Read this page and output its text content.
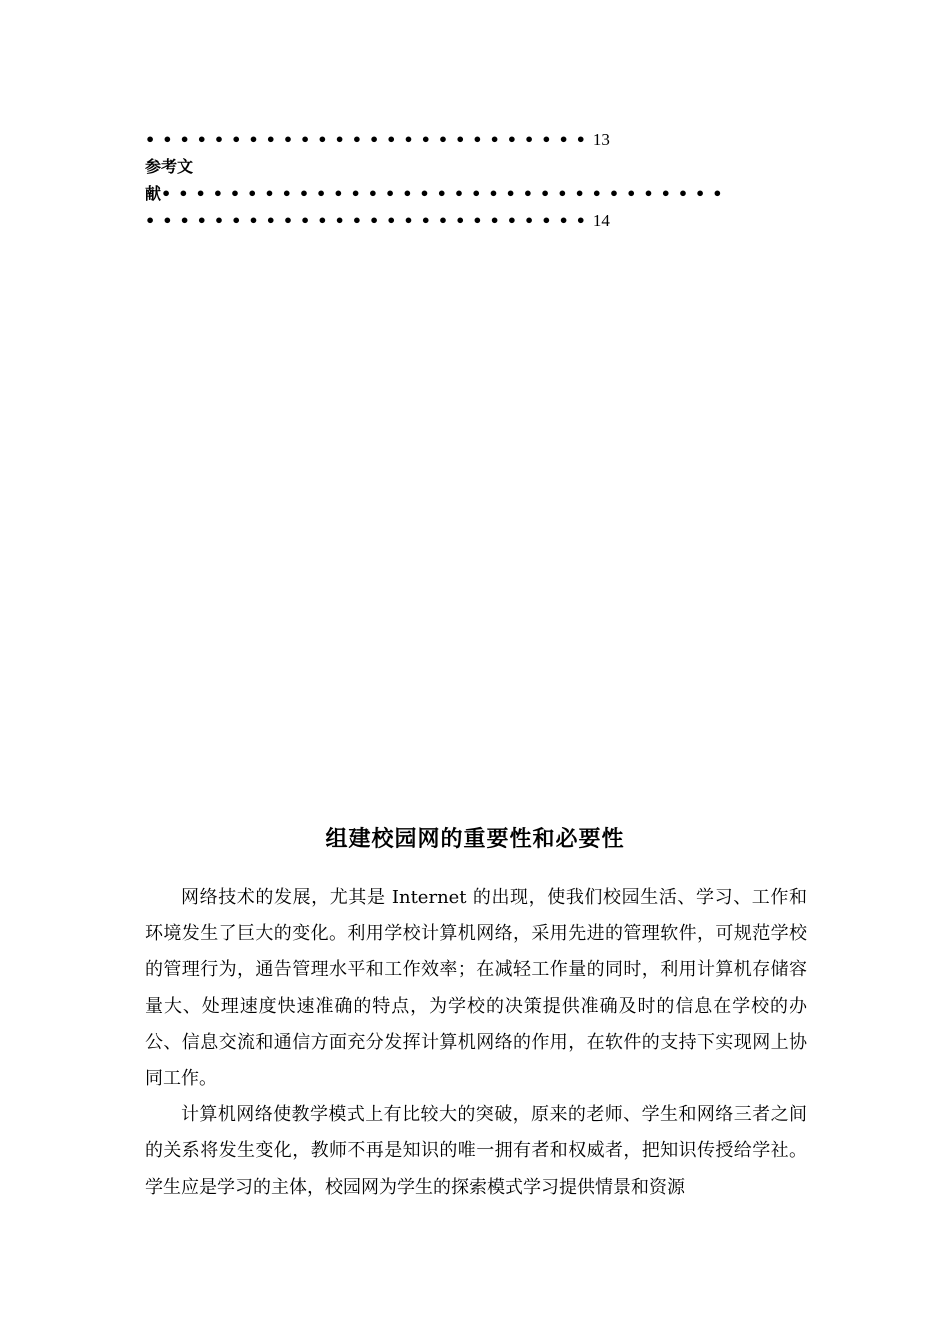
••••••••••••••••••••••••••13
参考文
献•••••••••••••••••••••••••••••••••
••••••••••••••••••••••••••14
组建校园网的重要性和必要性

网络技术的发展，尤其是 Internet 的出现，使我们校园生活、学习、工作和环境发生了巨大的变化。利用学校计算机网络，采用先进的管理软件，可规范学校的管理行为，通告管理水平和工作效率；在减轻工作量的同时，利用计算机存储容量大、处理速度快速准确的特点，为学校的决策提供准确及时的信息在学校的办公、信息交流和通信方面充分发挥计算机网络的作用，在软件的支持下实现网上协同工作。

计算机网络使教学模式上有比较大的突破，原来的老师、学生和网络三者之间的关系将发生变化，教师不再是知识的唯一拥有者和权威者，把知识传授给学社。学生应是学习的主体，校园网为学生的探索模式学习提供情景和资源
